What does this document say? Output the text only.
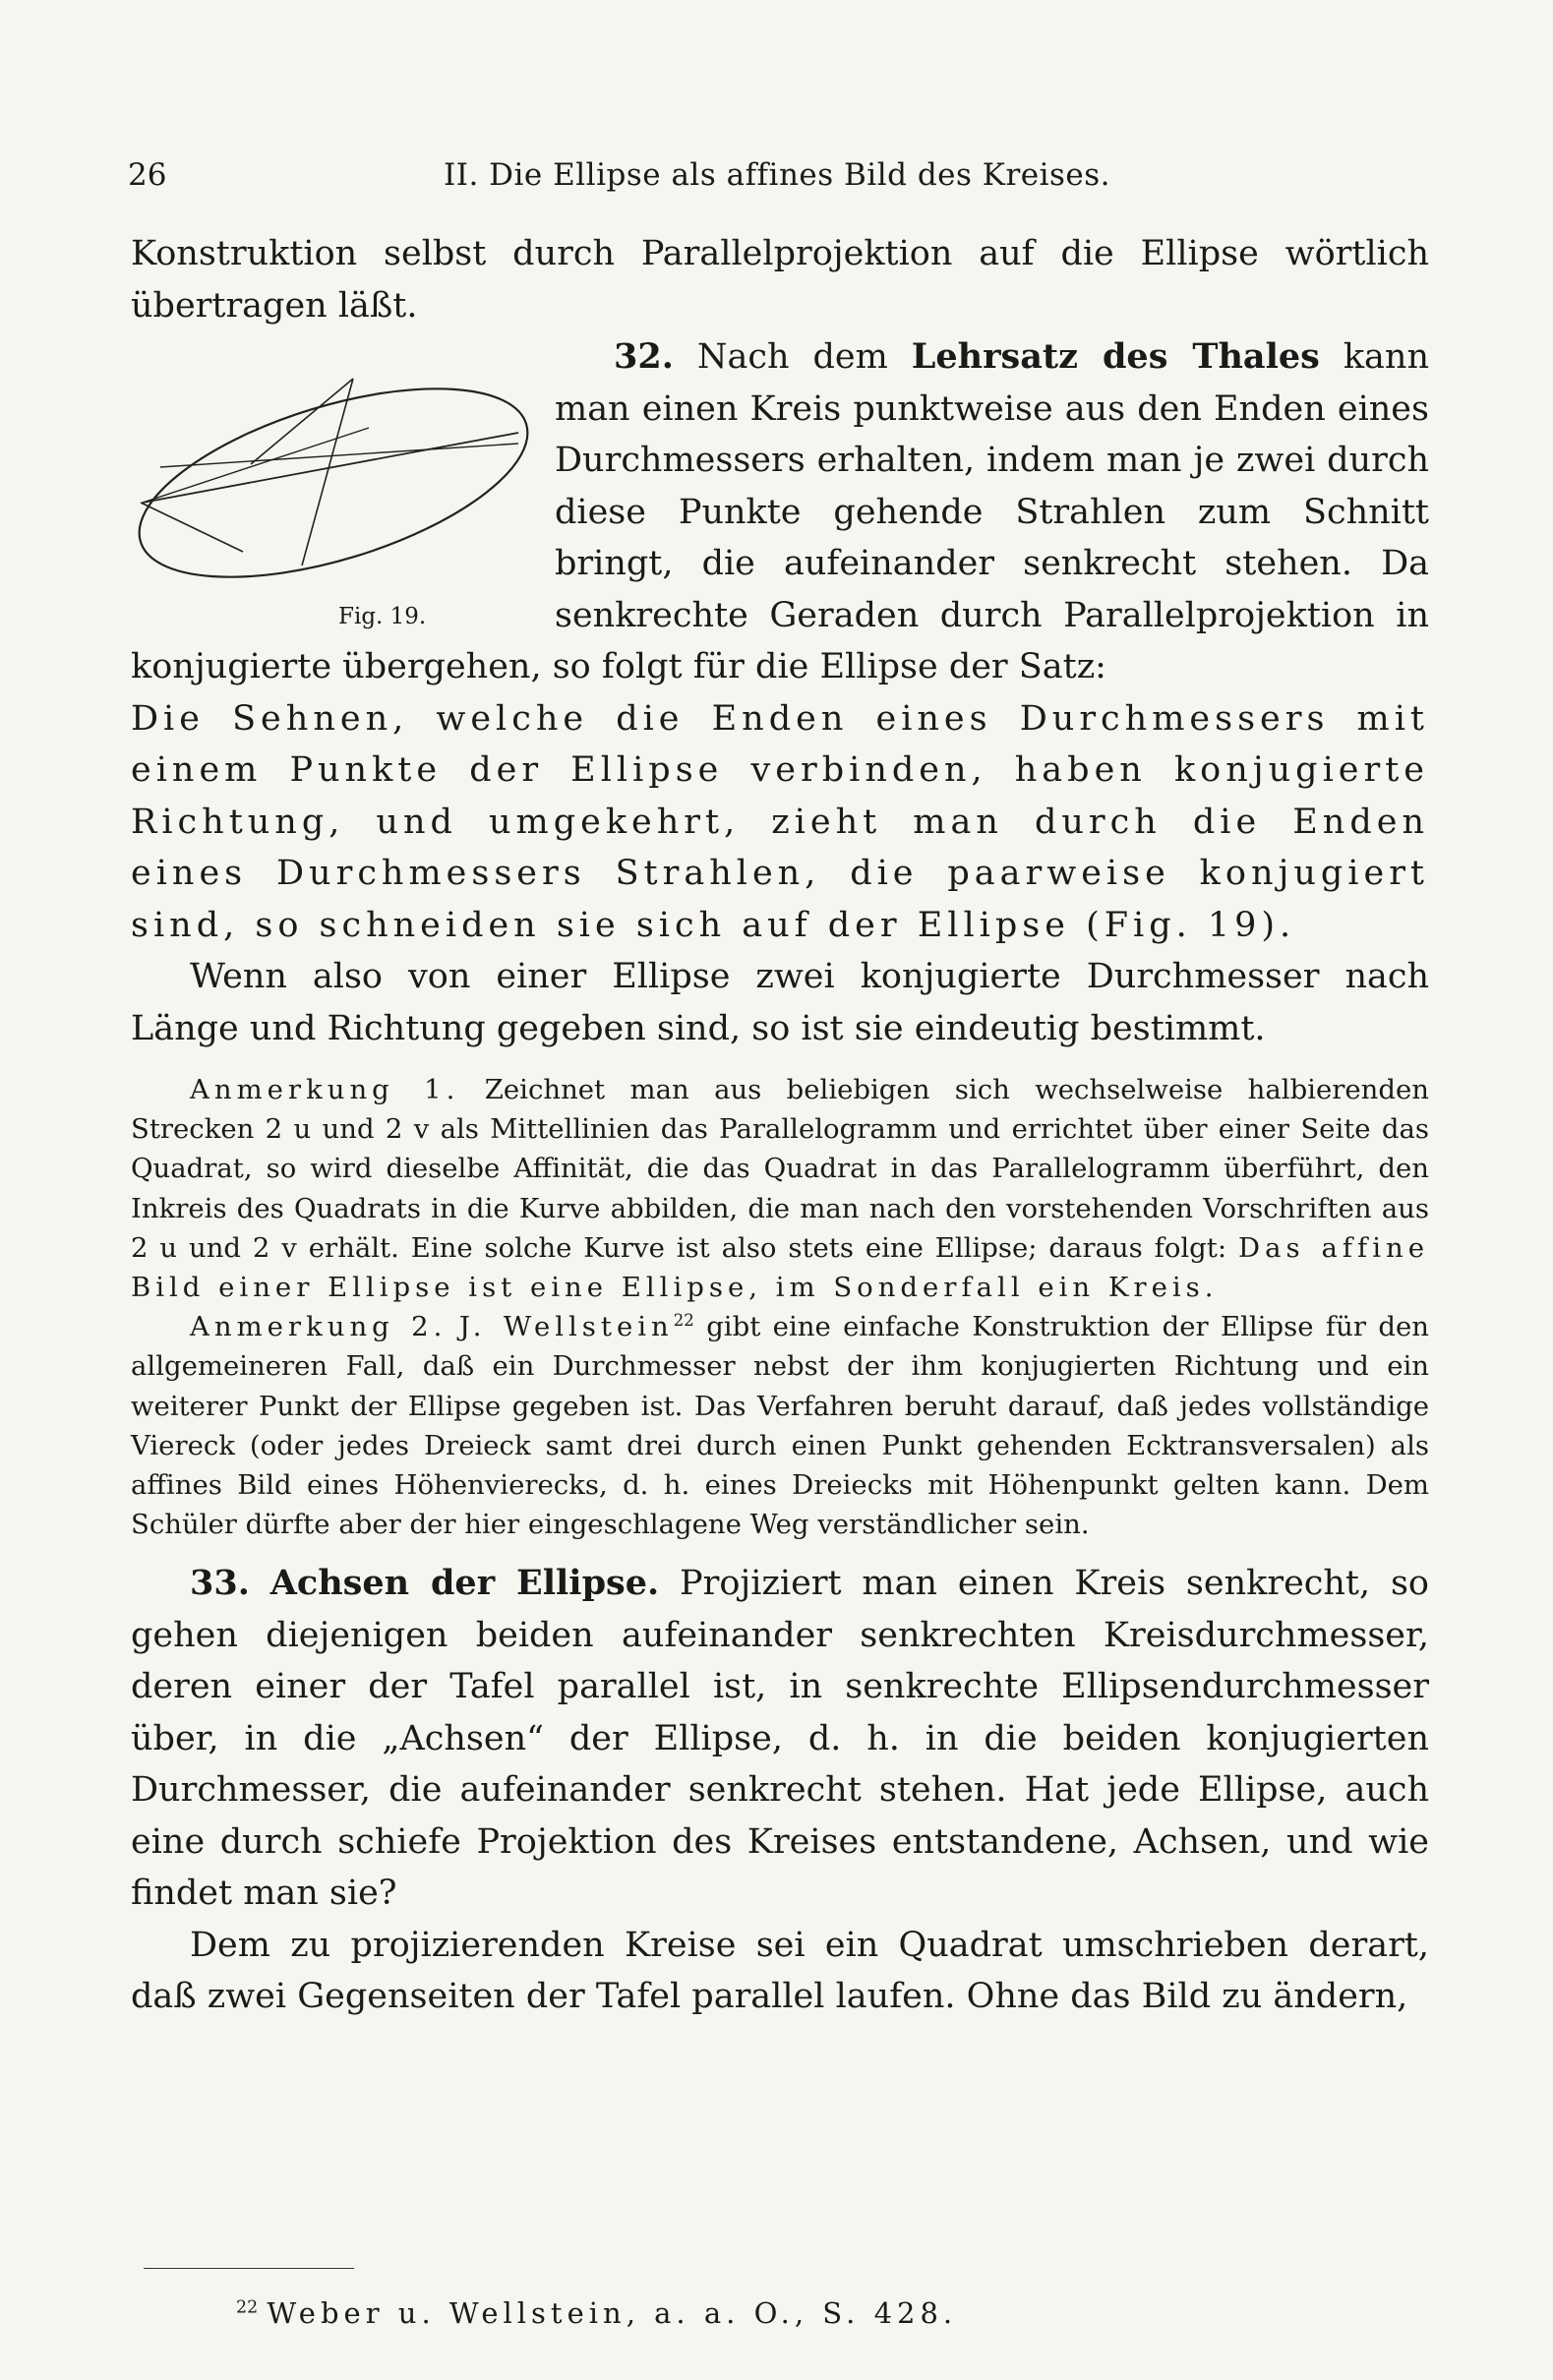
26	II. Die Ellipse als affines Bild des Kreises.

Konstruktion selbst durch Parallelprojektion auf die Ellipse wörtlich übertragen läßt.

32. Nach dem Lehrsatz des Thales
Fig. 19.
kann man einen Kreis punktweise aus den Enden eines Durchmessers erhalten, indem man je zwei durch diese Punkte gehende Strahlen zum Schnitt bringt, die aufeinander senkrecht stehen. Da senkrechte Geraden durch Parallelprojektion in konjugierte übergehen, so folgt für die Ellipse der Satz:

Die Sehnen, welche die Enden eines Durchmessers mit einem Punkte der Ellipse verbinden, haben konjugierte Richtung, und umgekehrt, zieht man durch die Enden eines Durchmessers Strahlen, die paarweise konjugiert sind, so schneiden sie sich auf der Ellipse (Fig. 19).

Wenn also von einer Ellipse zwei konjugierte Durchmesser nach Länge und Richtung gegeben sind, so ist sie eindeutig bestimmt.

Anmerkung 1. Zeichnet man aus beliebigen sich wechselweise halbierenden Strecken 2 u und 2 v als Mittellinien das Parallelogramm und errichtet über einer Seite das Quadrat, so wird dieselbe Affinität, die das Quadrat in das Parallelogramm überführt, den Inkreis des Quadrats in die Kurve abbilden, die man nach den vorstehenden Vorschriften aus 2 u und 2 v erhält. Eine solche Kurve ist also stets eine Ellipse; daraus folgt: Das affine Bild einer Ellipse ist eine Ellipse, im Sonderfall ein Kreis.

Anmerkung 2. J. Wellstein$^{22}$ gibt eine einfache Konstruktion der Ellipse für den allgemeineren Fall, daß ein Durchmesser nebst der ihm konjugierten Richtung und ein weiterer Punkt der Ellipse gegeben ist. Das Verfahren beruht darauf, daß jedes vollständige Viereck (oder jedes Dreieck samt drei durch einen Punkt gehenden Ecktransversalen) als affines Bild eines Höhenvierecks, d. h. eines Dreiecks mit Höhenpunkt gelten kann. Dem Schüler dürfte aber der hier eingeschlagene Weg verständlicher sein.

33. Achsen der Ellipse. Projiziert man einen Kreis senkrecht, so gehen diejenigen beiden aufeinander senkrechten Kreisdurchmesser, deren einer der Tafel parallel ist, in senkrechte Ellipsendurchmesser über, in die „Achsen“ der Ellipse, d. h. in die beiden konjugierten Durchmesser, die aufeinander senkrecht stehen. Hat jede Ellipse, auch eine durch schiefe Projektion des Kreises entstandene, Achsen, und wie findet man sie?

Dem zu projizierenden Kreise sei ein Quadrat umschrieben derart, daß zwei Gegenseiten der Tafel parallel laufen. Ohne das Bild zu ändern,

$^{22}$ Weber u. Wellstein, a. a. O., S. 428.
